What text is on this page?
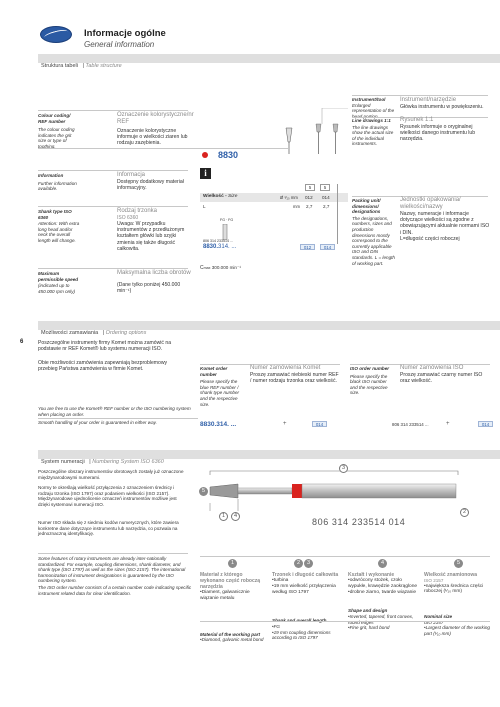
Informacje ogólne
General information
6
Struktura tabeli | Table structure
Instrument/tool
Enlarged representation of the head portion.
Instrument/narzędzie
Główka instrumentu w powiększeniu.
Colour coding/ REF number
The colour coding indicates the grit size or type of toothing.
Oznaczenie kolorystyczne/nr REF
Oznaczenie kolorystyczne informuje o wielkości ziaren lub rodzaju zazębienia.
Line drawings 1:1
The line drawings show the actual size of the individual instruments.
Rysunek 1:1
Rysunek informuje o oryginalnej wielkości danego instrumentu lub narzędzia.
8830
Information
Further information available.
Informacja
Dostępny dodatkowy materiał informacyjny.
i
5	5
Wielkość - Size	Ø ¹⁄₁₀ mm 012 014
L	mm 2,7 2,7
Shank type ISO 6360
Attention: With extra long head and/or neck the overall length will change.
Rodzaj trzonka
ISO 6360
Uwaga: W przypadku instrumentów z przedłużonym kształtem główki lub szyjki zmienia się także długość całkowita.
FG · FG
806 314 233514 ...
8830.314. ...	012	014
Packing unit/ dimensions/ designations
The designations, numbers, sizes and production dimensions mostly correspond to the currently applicable ISO and DIN standards. L = length of working part.
Jednostki opakowania/ wielkości/nazwy
Nazwy, numeracje i informacje dotyczące wielkości są zgodne z obowiązującymi aktualnie normami ISO i DIN.
L=długość części roboczej
Maximum permissible speed
(indicated up to 450.000 rpm only)
Maksymalna liczba obrotów
(Dane tylko poniżej 450.000 min⁻¹)
Cmax 300.000 min⁻¹
Możliwości zamawiania | Ordering options
Poszczególne instrumenty firmy Komet można zamówić na podstawie nr REF Komet® lub systemu numeracji ISO.
Obie możliwości zamówienia zapewniają bezproblemowy przebieg Państwa zamówienia w firmie Komet.
You are free to use the Komet® REF number or the ISO numbering system when placing an order.
Smooth handling of your order is guaranteed in either way.
Komet order number
Please specify the blue REF number / shank type number and the respective size.
Numer zamówienia Komet
Proszę zamawiać niebieski numer REF / numer rodzaju trzonka oraz wielkość.
8830.314. ...	+	014
ISO order number
Please specify the black ISO number and the respective size.
Numer zamówienia ISO
Proszę zamawiać czarny numer ISO oraz wielkość.
806 314 233514 ...	+	014
System numeracji | Numbering System ISO 6360
Poszczególne obszary instrumentów obrotowych zostały już oznaczone międzynarodowymi numerami.
Normy te określają wielkość przyłączenia z oznaczeniem średnicy i rodzaju trzonka (ISO 1797) oraz podaniem wielkości (ISO 2157). Międzynarodowe ujednolicenie oznaczeń instrumentów możliwe jest dzięki systemowi numeracji ISO.
Numer ISO składa się z siedmiu kodów numerycznych, które zawiera konkretne dane dotyczące instrumentu lub narzędzia, co pozwala na jednoznaczną identyfikację.
Some features of rotary instruments are already inter-nationally standardized. For example, coupling dimensions, shank diameter, and shank type (ISO 1797) as well as the sizes (ISO 2157). The international harmonization of instrument designations is guaranteed by the ISO numbering system.
The ISO order number consists of a certain number code indicating specific instrument related data for clear identification.
3
5
1	4
2
806 314 233514 014
1
Materiał z którego wykonano część roboczą narzędzia
• Diament, galwanicznie wiązanie metalu
Material of the working part
• Diamond, galvanic metal bond
2	3
Trzonek i długość całkowita
• turbina
• 19 mm wielkość przyłączenia według ISO 1797
Shank and overall length
• FG
• 19 mm coupling dimensions according to ISO 1797
4
Kształt i wykonanie
• odwrócony stożek, czoło wypukłe, krawędzie zaokrąglone
• drobne ziarno, twarde wiązanie
Shape and design
• Inverted, tapered, front convex, round edges
• Fine grit, hard bond
5
Wielkość znamionowa
ISO 2157
• największa średnica części roboczej (¹⁄₁₀ mm)
Nominal size
ISO 2157
• Largest diameter of the working part (¹⁄₁₀ mm)
